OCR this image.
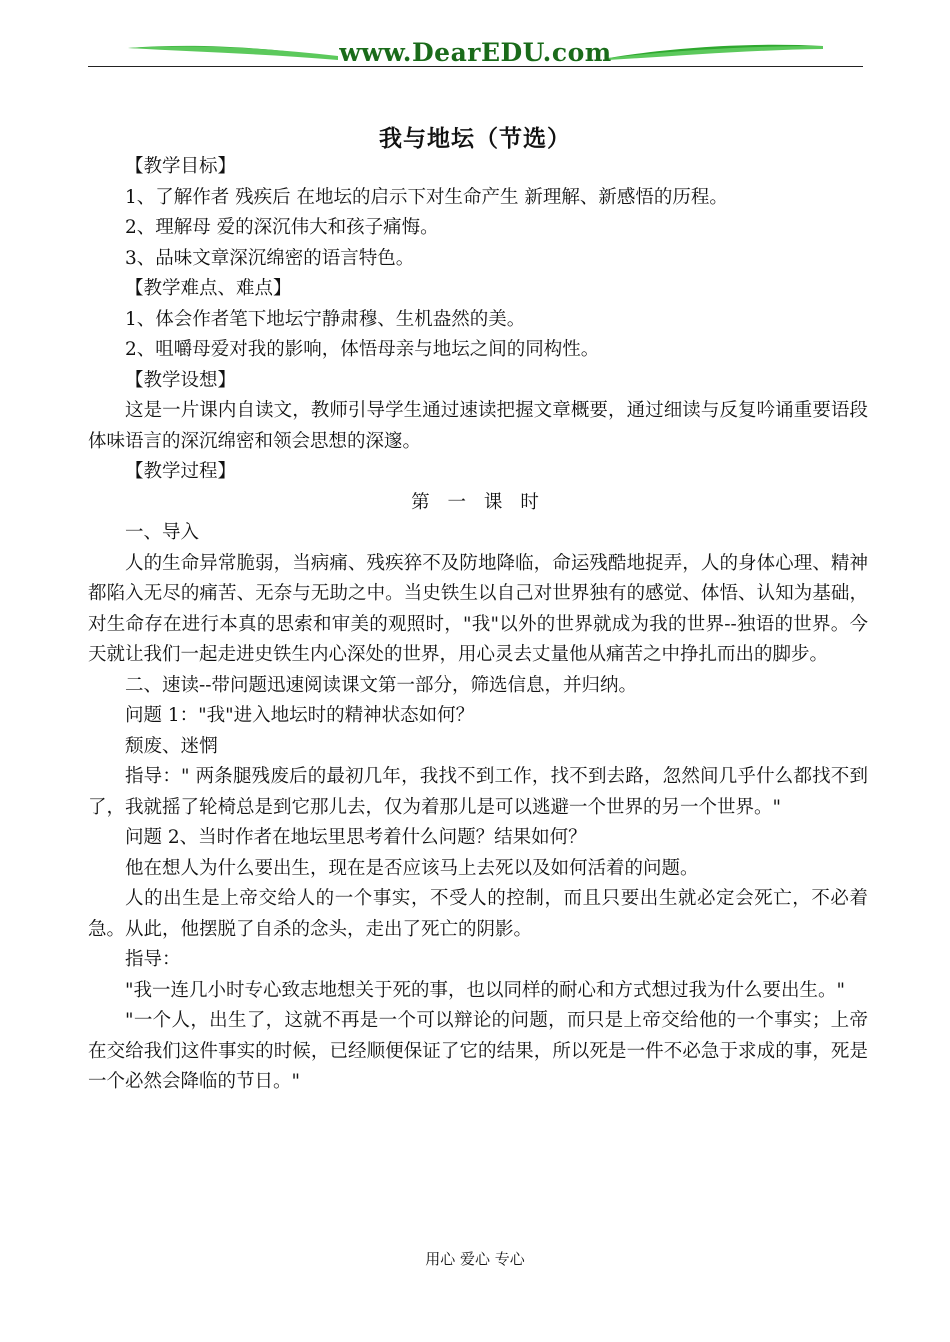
www.DearEDU.com
我与地坛（节选）

【教学目标】

1、了解作者 残疾后 在地坛的启示下对生命产生 新理解、新感悟的历程。

2、理解母 爱的深沉伟大和孩子痛悔。

3、品味文章深沉绵密的语言特色。

【教学难点、难点】

1、体会作者笔下地坛宁静肃穆、生机盎然的美。

2、咀嚼母爱对我的影响，体悟母亲与地坛之间的同构性。

【教学设想】

这是一片课内自读文，教师引导学生通过速读把握文章概要，通过细读与反复吟诵重要语段体味语言的深沉绵密和领会思想的深邃。

【教学过程】

第 一 课 时

一、导入

人的生命异常脆弱，当病痛、残疾猝不及防地降临，命运残酷地捉弄，人的身体心理、精神都陷入无尽的痛苦、无奈与无助之中。当史铁生以自己对世界独有的感觉、体悟、认知为基础，对生命存在进行本真的思索和审美的观照时，"我"以外的世界就成为我的世界--独语的世界。今天就让我们一起走进史铁生内心深处的世界，用心灵去丈量他从痛苦之中挣扎而出的脚步。

二、速读--带问题迅速阅读课文第一部分，筛选信息，并归纳。

问题 1："我"进入地坛时的精神状态如何？

颓废、迷惘

指导：" 两条腿残废后的最初几年，我找不到工作，找不到去路，忽然间几乎什么都找不到了，我就摇了轮椅总是到它那儿去，仅为着那儿是可以逃避一个世界的另一个世界。"

问题 2、当时作者在地坛里思考着什么问题？结果如何？

他在想人为什么要出生，现在是否应该马上去死以及如何活着的问题。

人的出生是上帝交给人的一个事实，不受人的控制，而且只要出生就必定会死亡，不必着急。从此，他摆脱了自杀的念头，走出了死亡的阴影。

指导：

"我一连几小时专心致志地想关于死的事，也以同样的耐心和方式想过我为什么要出生。"

"一个人，出生了，这就不再是一个可以辩论的问题，而只是上帝交给他的一个事实；上帝在交给我们这件事实的时候，已经顺便保证了它的结果，所以死是一件不必急于求成的事，死是一个必然会降临的节日。"

用心 爱心 专心
